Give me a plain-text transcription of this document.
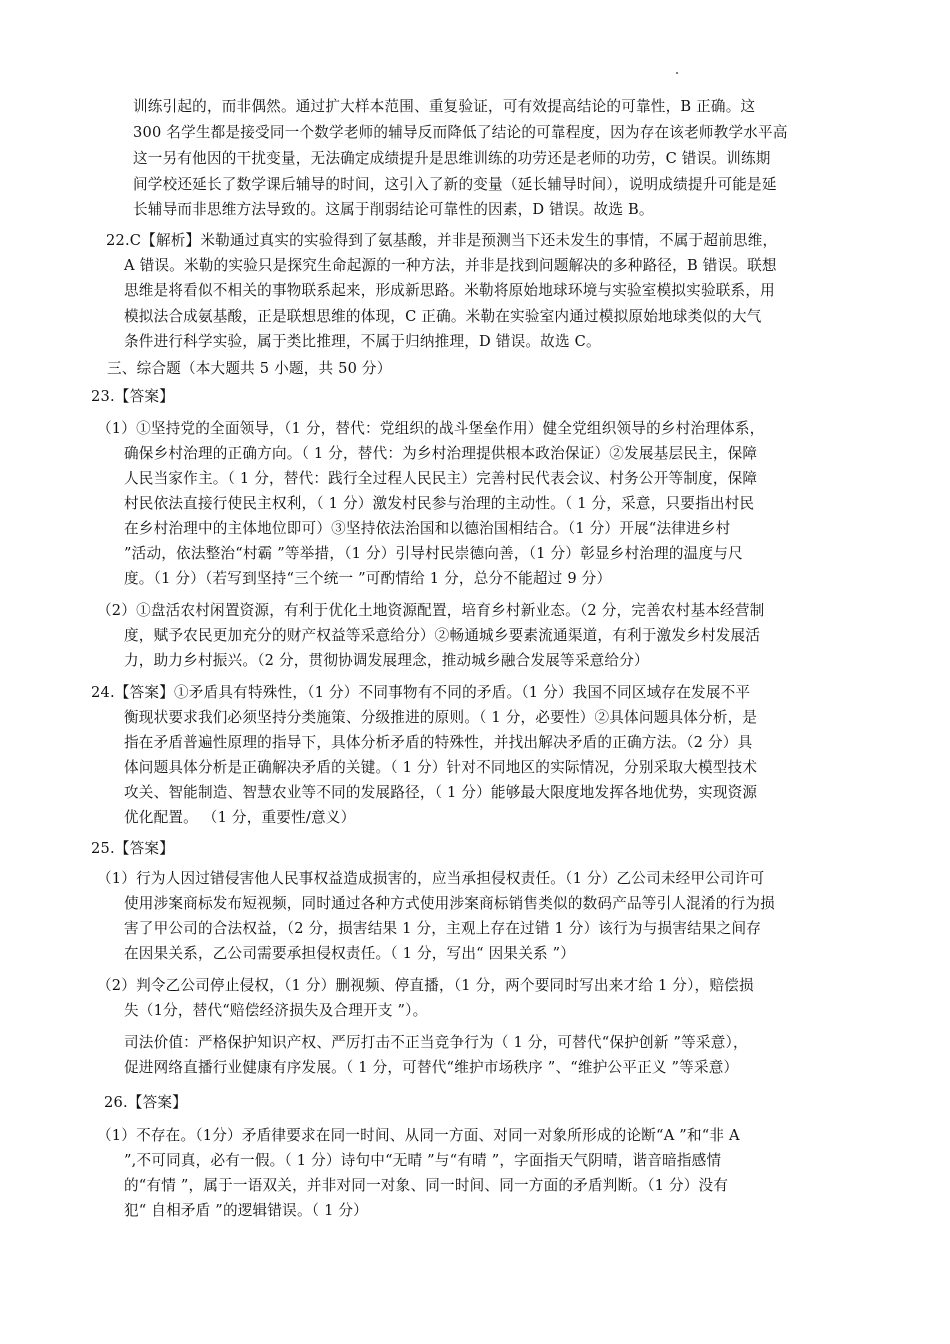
训练引起的，而非偶然。通过扩大样本范围、重复验证，可有效提高结论的可靠性，B 正确。这
300 名学生都是接受同一个数学老师的辅导反而降低了结论的可靠程度，因为存在该老师教学水平高
这一另有他因的干扰变量，无法确定成绩提升是思维训练的功劳还是老师的功劳，C 错误。训练期
间学校还延长了数学课后辅导的时间，这引入了新的变量（延长辅导时间），说明成绩提升可能是延
长辅导而非思维方法导致的。这属于削弱结论可靠性的因素，D 错误。故选 B。
22.C【解析】米勒通过真实的实验得到了氨基酸，并非是预测当下还未发生的事情，不属于超前思维，
A 错误。米勒的实验只是探究生命起源的一种方法，并非是找到问题解决的多种路径，B 错误。联想
思维是将看似不相关的事物联系起来，形成新思路。米勒将原始地球环境与实验室模拟实验联系，用
模拟法合成氨基酸，正是联想思维的体现，C 正确。米勒在实验室内通过模拟原始地球类似的大气
条件进行科学实验，属于类比推理，不属于归纳推理，D 错误。故选 C。
三、综合题（本大题共 5 小题，共 50 分）
23.【答案】
（1）①坚持党的全面领导，（1 分，替代：党组织的战斗堡垒作用）健全党组织领导的乡村治理体系，
确保乡村治理的正确方向。（ 1 分，替代：为乡村治理提供根本政治保证）②发展基层民主，保障
人民当家作主。（ 1 分，替代：践行全过程人民民主）完善村民代表会议、村务公开等制度，保障
村民依法直接行使民主权利，（ 1 分）激发村民参与治理的主动性。（ 1 分，采意，只要指出村民
在乡村治理中的主体地位即可）③坚持依法治国和以德治国相结合。（1 分）开展“法律进乡村
”活动，依法整治“村霸 ”等举措，（1 分）引导村民崇德向善，（1 分）彰显乡村治理的温度与尺
度。（1 分）（若写到坚持“三个统一 ”可酌情给 1 分，总分不能超过 9 分）
（2）①盘活农村闲置资源，有利于优化土地资源配置，培育乡村新业态。（2 分，完善农村基本经营制
度，赋予农民更加充分的财产权益等采意给分）②畅通城乡要素流通渠道，有利于激发乡村发展活
力，助力乡村振兴。（2 分，贯彻协调发展理念，推动城乡融合发展等采意给分）
24.【答案】①矛盾具有特殊性，（1 分）不同事物有不同的矛盾。（1 分）我国不同区域存在发展不平
衡现状要求我们必须坚持分类施策、分级推进的原则。（ 1 分，必要性）②具体问题具体分析，是
指在矛盾普遍性原理的指导下，具体分析矛盾的特殊性，并找出解决矛盾的正确方法。（2 分）具
体问题具体分析是正确解决矛盾的关键。（ 1 分）针对不同地区的实际情况，分别采取大模型技术
攻关、智能制造、智慧农业等不同的发展路径，（ 1 分）能够最大限度地发挥各地优势，实现资源
优化配置。 （1 分，重要性/意义）
25.【答案】
（1）行为人因过错侵害他人民事权益造成损害的，应当承担侵权责任。（1 分）乙公司未经甲公司许可
使用涉案商标发布短视频，同时通过各种方式使用涉案商标销售类似的数码产品等引人混淆的行为损
害了甲公司的合法权益，（2 分，损害结果 1 分，主观上存在过错 1 分）该行为与损害结果之间存
在因果关系，乙公司需要承担侵权责任。（ 1 分，写出“ 因果关系 ”）
（2）判令乙公司停止侵权，（1 分）删视频、停直播，（1 分，两个要同时写出来才给 1 分），赔偿损
失（1分，替代“赔偿经济损失及合理开支 ”）。
司法价值：严格保护知识产权、严厉打击不正当竞争行为（ 1 分，可替代“保护创新 ”等采意），
促进网络直播行业健康有序发展。（ 1 分，可替代“维护市场秩序 ”、“维护公平正义 ”等采意）
26.【答案】
（1）不存在。（1分）矛盾律要求在同一时间、从同一方面、对同一对象所形成的论断“A ”和“非 A
”,不可同真，必有一假。（ 1 分）诗句中“无晴 ”与“有晴 ”，字面指天气阴晴，谐音暗指感情
的“有情 ”，属于一语双关，并非对同一对象、同一时间、同一方面的矛盾判断。（1 分）没有
犯“ 自相矛盾 ”的逻辑错误。（ 1 分）
